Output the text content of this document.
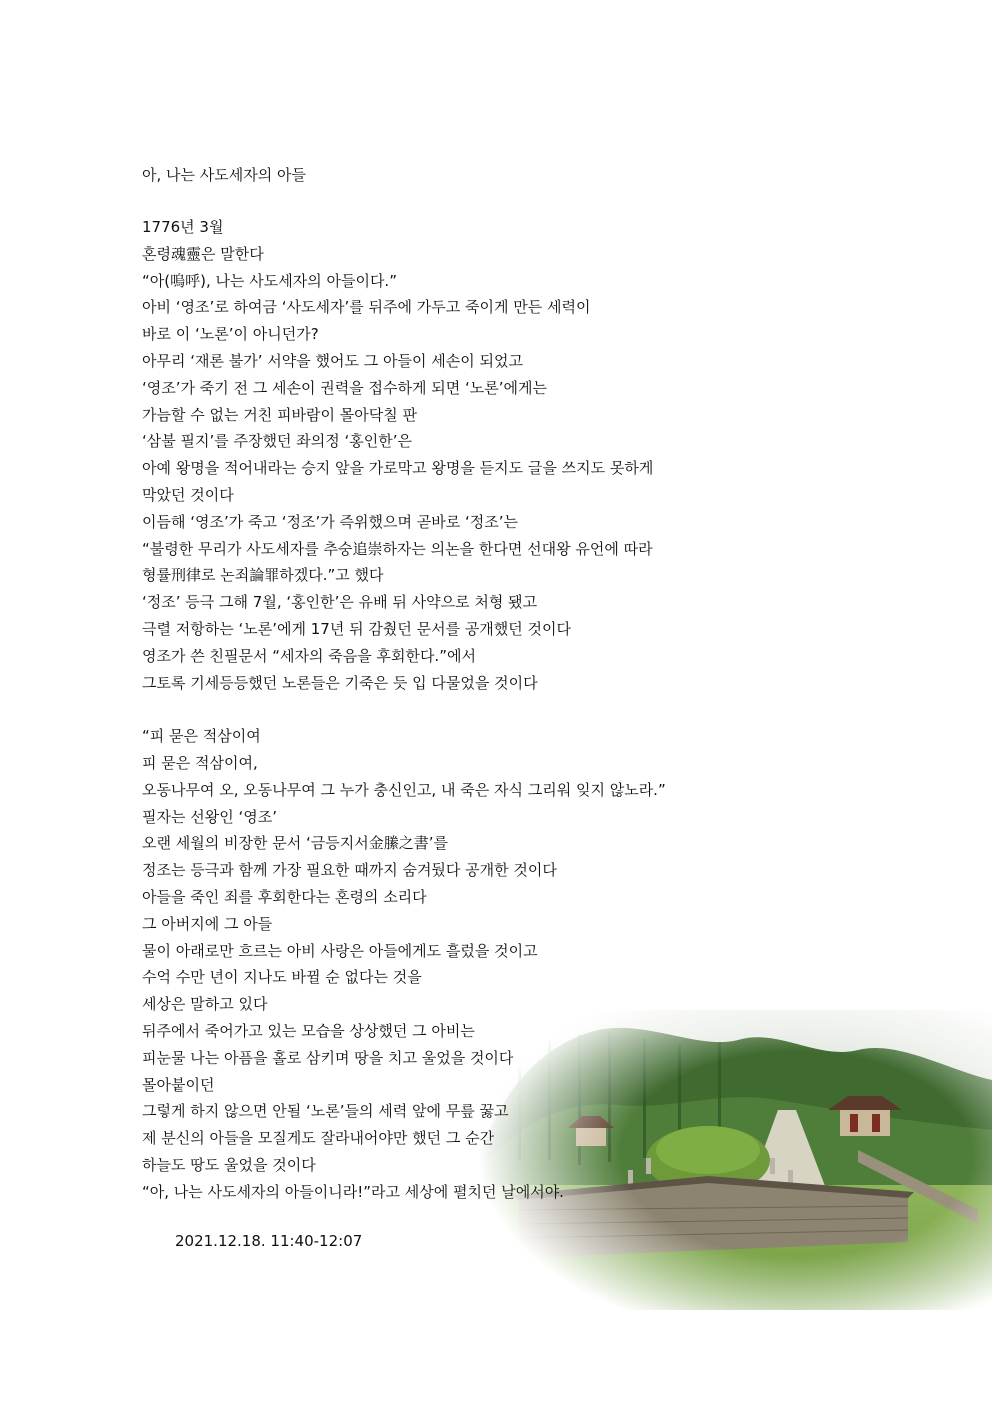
아, 나는 사도세자의 아들
1776년 3월
혼령魂靈은 말한다
“아(嗚呼), 나는 사도세자의 아들이다.”
아비 ‘영조’로 하여금 ‘사도세자’를 뒤주에 가두고 죽이게 만든 세력이
바로 이 ‘노론’이 아니던가?
아무리 ‘재론 불가’ 서약을 했어도 그 아들이 세손이 되었고
‘영조’가 죽기 전 그 세손이 권력을 접수하게 되면 ‘노론’에게는
가늠할 수 없는 거친 피바람이 몰아닥칠 판
‘삼불 필지’를 주장했던 좌의정 ‘홍인한’은
아예 왕명을 적어내라는 승지 앞을 가로막고 왕명을 듣지도 글을 쓰지도 못하게
막았던 것이다
이듬해 ‘영조’가 죽고 ‘정조’가 즉위했으며 곧바로 ‘정조’는
“불령한 무리가 사도세자를 추숭追崇하자는 의논을 한다면 선대왕 유언에 따라
형률刑律로 논죄論罪하겠다.”고 했다
‘정조’ 등극 그해 7월, ‘홍인한’은 유배 뒤 사약으로 처형 됐고
극렬 저항하는 ‘노론’에게 17년 뒤 감췄던 문서를 공개했던 것이다
영조가 쓴 친필문서 “세자의 죽음을 후회한다.”에서
그토록 기세등등했던 노론들은 기죽은 듯 입 다물었을 것이다
“피 묻은 적삼이여
피 묻은 적삼이여,
오동나무여 오, 오동나무여 그 누가 충신인고, 내 죽은 자식 그리워 잊지 않노라.”
필자는 선왕인 ‘영조’
오랜 세월의 비장한 문서 ‘금등지서金縢之書’를
정조는 등극과 함께 가장 필요한 때까지 숨겨뒀다 공개한 것이다
아들을 죽인 죄를 후회한다는 혼령의 소리다
그 아버지에 그 아들
물이 아래로만 흐르는 아비 사랑은 아들에게도 흘렀을 것이고
수억 수만 년이 지나도 바뀔 순 없다는 것을
세상은 말하고 있다
뒤주에서 죽어가고 있는 모습을 상상했던 그 아비는
피눈물 나는 아픔을 홀로 삼키며 땅을 치고 울었을 것이다
몰아붙이던
그렇게 하지 않으면 안될 ‘노론’들의 세력 앞에 무릎 꿇고
제 분신의 아들을 모질게도 잘라내어야만 했던 그 순간
하늘도 땅도 울었을 것이다
“아, 나는 사도세자의 아들이니라!”라고 세상에 펼치던 날에서야.
2021.12.18. 11:40-12:07
